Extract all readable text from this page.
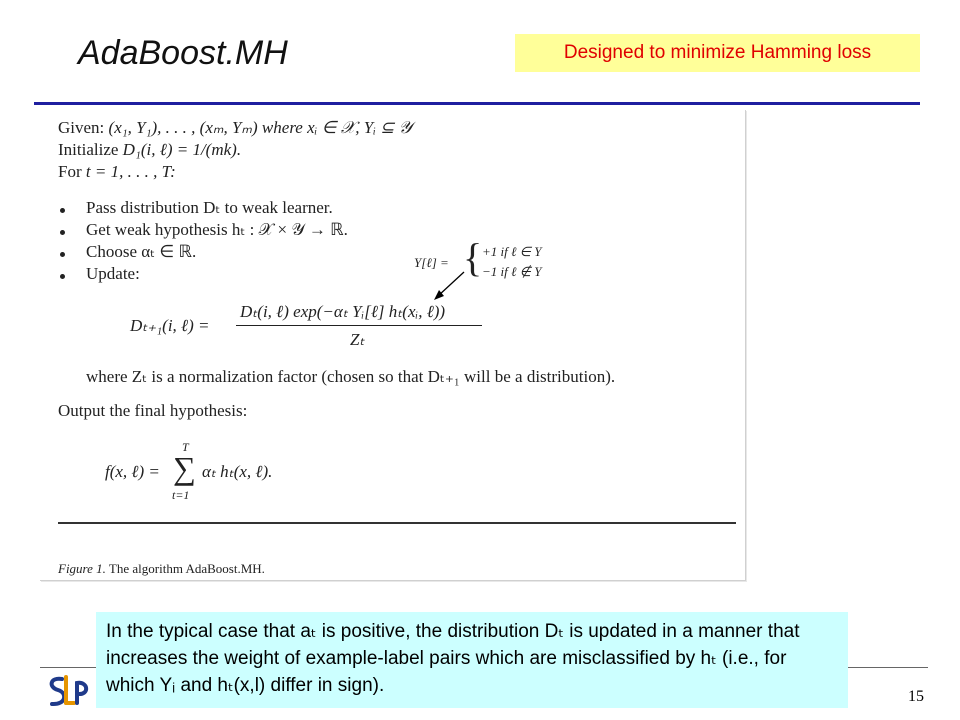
AdaBoost.MH	Designed to minimize Hamming loss
Given: (x₁, Y₁), . . . , (xₘ, Yₘ) where xᵢ ∈ 𝒳, Yᵢ ⊆ 𝒴
Initialize D₁(i, ℓ) = 1/(mk).
For t = 1, . . . , T:
Pass distribution Dₜ to weak learner.
Get weak hypothesis hₜ : 𝒳 × 𝒴 → ℝ.
Choose αₜ ∈ ℝ.
Update:
Y[ℓ] = { +1 if ℓ ∈ Y
−1 if ℓ ∉ Y
Dₜ₊₁(i, ℓ) =
Dₜ(i, ℓ) exp(−αₜ Yᵢ[ℓ] hₜ(xᵢ, ℓ))
Zₜ
where Zₜ is a normalization factor (chosen so that Dₜ₊₁ will be a distribution).
Output the final hypothesis:
f(x, ℓ) =
T
∑
t=1
αₜ hₜ(x, ℓ).
Figure 1. The algorithm AdaBoost.MH.
15
In the typical case that aₜ is positive, the distribution Dₜ is updated in a manner that increases the weight of example-label pairs which are misclassified by hₜ (i.e., for which Yᵢ and hₜ(x,l) differ in sign).
